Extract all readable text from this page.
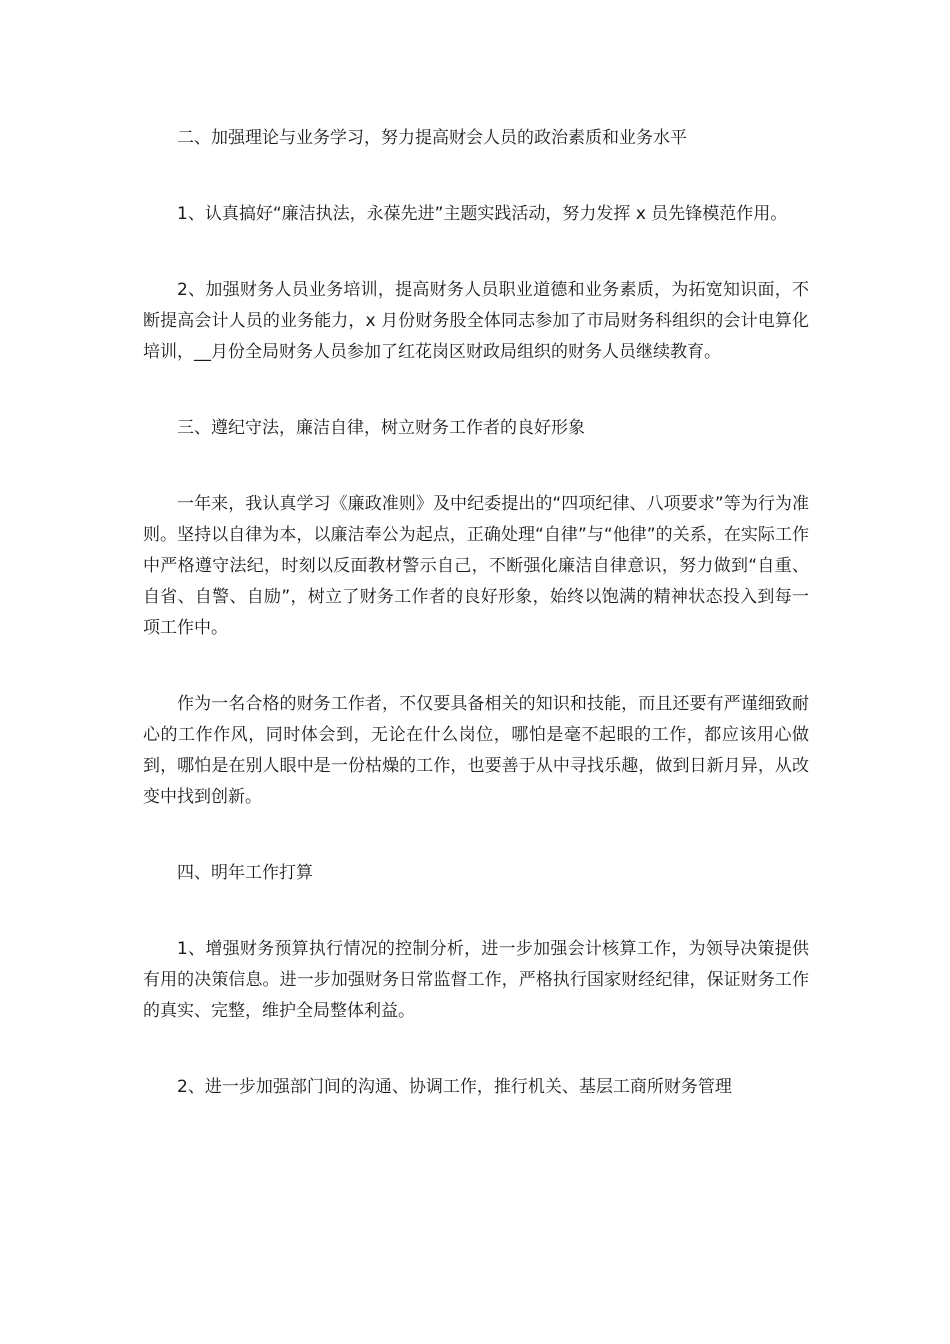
二、加强理论与业务学习，努力提高财会人员的政治素质和业务水平

1、认真搞好“廉洁执法，永葆先进”主题实践活动，努力发挥 x 员先锋模范作用。

2、加强财务人员业务培训，提高财务人员职业道德和业务素质，为拓宽知识面，不断提高会计人员的业务能力，x 月份财务股全体同志参加了市局财务科组织的会计电算化培训，__月份全局财务人员参加了红花岗区财政局组织的财务人员继续教育。

三、遵纪守法，廉洁自律，树立财务工作者的良好形象

一年来，我认真学习《廉政准则》及中纪委提出的“四项纪律、八项要求”等为行为准则。坚持以自律为本，以廉洁奉公为起点，正确处理“自律”与“他律”的关系，在实际工作中严格遵守法纪，时刻以反面教材警示自己，不断强化廉洁自律意识，努力做到“自重、自省、自警、自励”，树立了财务工作者的良好形象，始终以饱满的精神状态投入到每一项工作中。

作为一名合格的财务工作者，不仅要具备相关的知识和技能，而且还要有严谨细致耐心的工作作风，同时体会到，无论在什么岗位，哪怕是毫不起眼的工作，都应该用心做到，哪怕是在别人眼中是一份枯燥的工作，也要善于从中寻找乐趣，做到日新月异，从改变中找到创新。

四、明年工作打算

1、增强财务预算执行情况的控制分析，进一步加强会计核算工作，为领导决策提供有用的决策信息。进一步加强财务日常监督工作，严格执行国家财经纪律，保证财务工作的真实、完整，维护全局整体利益。

2、进一步加强部门间的沟通、协调工作，推行机关、基层工商所财务管理
